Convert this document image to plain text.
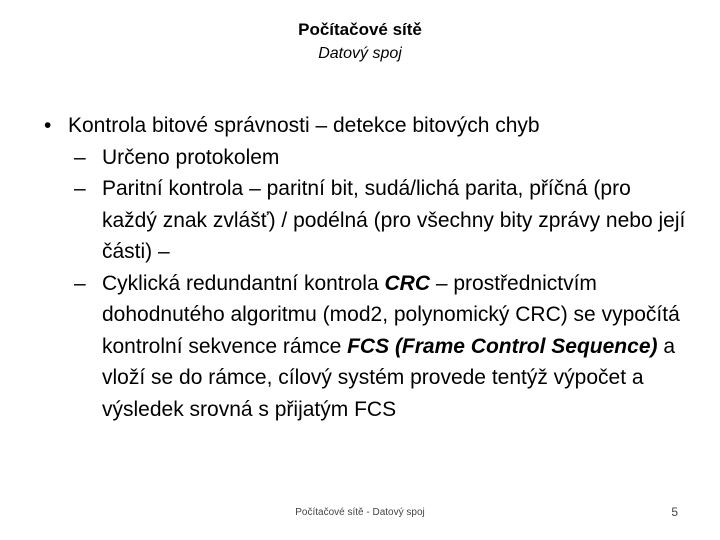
Počítačové sítě
Datový spoj
• Kontrola bitové správnosti – detekce bitových chyb
– Určeno protokolem
– Paritní kontrola – paritní bit, sudá/lichá parita, příčná (pro každý znak zvlášť) / podélná (pro všechny bity zprávy nebo její části) –
– Cyklická redundantní kontrola CRC – prostřednictvím dohodnutého algoritmu (mod2, polynomický CRC) se vypočítá kontrolní sekvence rámce FCS (Frame Control Sequence) a vloží se do rámce, cílový systém provede tentýž výpočet a výsledek srovná s přijatým FCS
Počítačové sítě - Datový spoj	5
